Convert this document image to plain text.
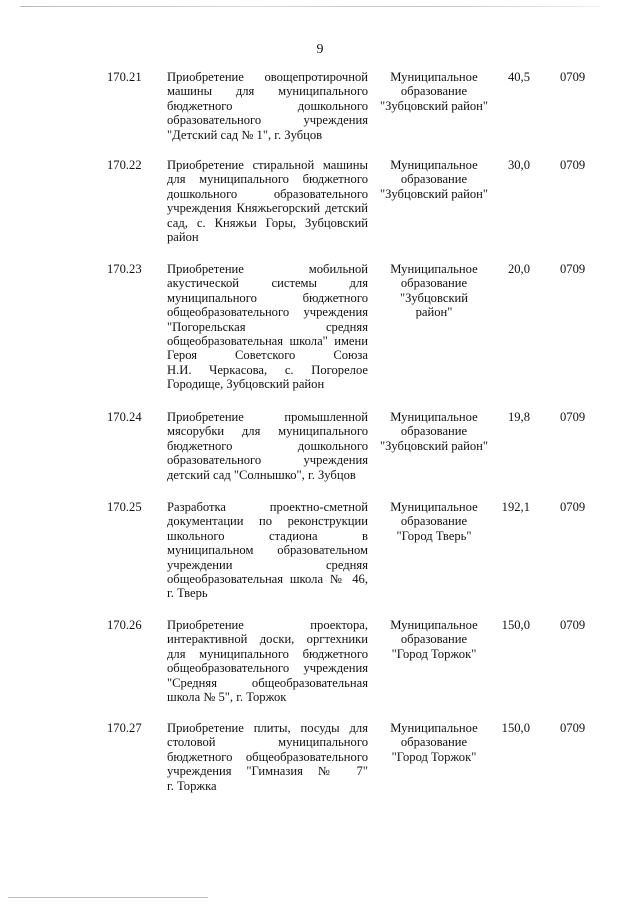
9
170.21 Приобретение овощепротирочной
машины для муниципального
бюджетного дошкольного
образовательного учреждения
"Детский сад № 1", г. Зубцов
Муниципальное
образование
"Зубцовский район"
40,5 0709
170.22 Приобретение стиральной машины
для муниципального бюджетного
дошкольного образовательного
учреждения Княжьегорский детский
сад, с. Княжьи Горы, Зубцовский
район
Муниципальное
образование
"Зубцовский район"
30,0 0709
170.23 Приобретение мобильной
акустической системы для
муниципального бюджетного
общеобразовательного учреждения
"Погорельская средняя
общеобразовательная школа" имени
Героя Советского Союза
Н.И. Черкасова, с. Погорелое
Городище, Зубцовский район
Муниципальное
образование
"Зубцовский
район"
20,0 0709
170.24 Приобретение промышленной
мясорубки для муниципального
бюджетного дошкольного
образовательного учреждения
детский сад "Солнышко", г. Зубцов
Муниципальное
образование
"Зубцовский район"
19,8 0709
170.25 Разработка проектно-сметной
документации по реконструкции
школьного стадиона в
муниципальном образовательном
учреждении средняя
общеобразовательная школа № 46,
г. Тверь
Муниципальное
образование
"Город Тверь"
192,1 0709
170.26 Приобретение проектора,
интерактивной доски, оргтехники
для муниципального бюджетного
общеобразовательного учреждения
"Средняя общеобразовательная
школа № 5", г. Торжок
Муниципальное
образование
"Город Торжок"
150,0 0709
170.27 Приобретение плиты, посуды для
столовой муниципального
бюджетного общеобразовательного
учреждения "Гимназия № 7"
г. Торжка
Муниципальное
образование
"Город Торжок"
150,0 0709
